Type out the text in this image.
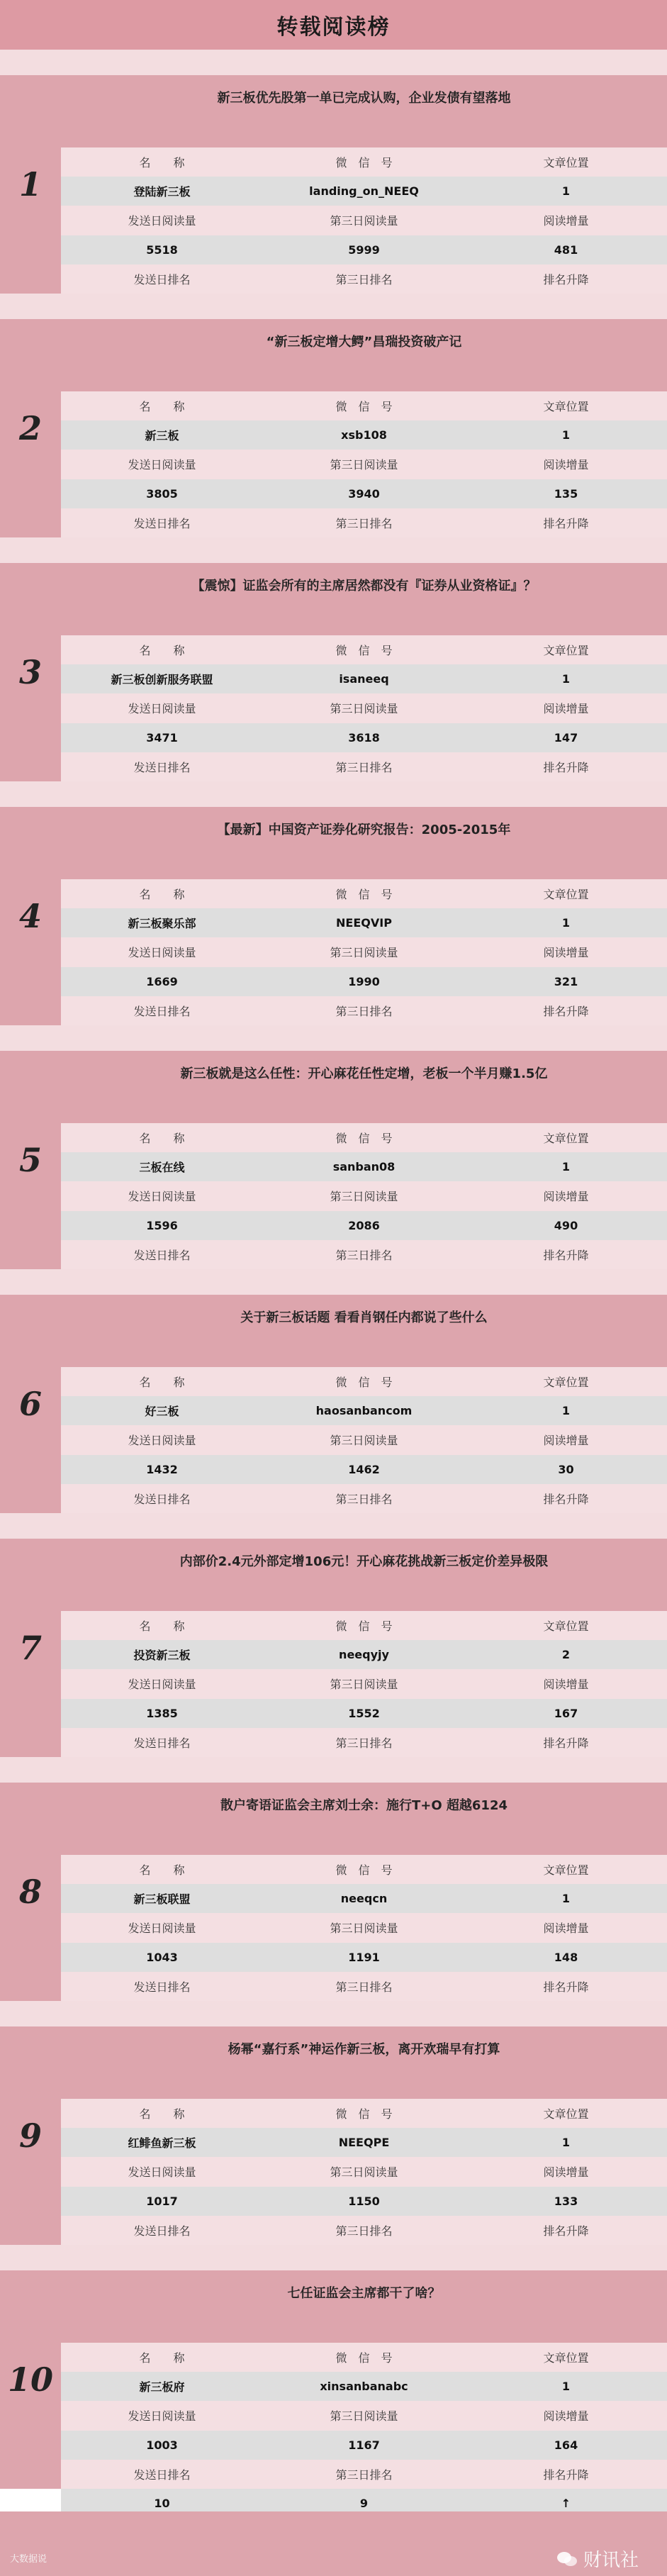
转载阅读榜
1
新三板优先股第一单已完成认购，企业发债有望落地
名　　称	微　信　号	文章位置
登陆新三板	landing_on_NEEQ	1
发送日阅读量	第三日阅读量	阅读增量
5518	5999	481
发送日排名	第三日排名	排名升降
2
“新三板定增大鳄”昌瑞投资破产记
名　　称	微　信　号	文章位置
新三板	xsb108	1
发送日阅读量	第三日阅读量	阅读增量
3805	3940	135
发送日排名	第三日排名	排名升降
3
【震惊】证监会所有的主席居然都没有『证券从业资格证』？
名　　称	微　信　号	文章位置
新三板创新服务联盟	isaneeq	1
发送日阅读量	第三日阅读量	阅读增量
3471	3618	147
发送日排名	第三日排名	排名升降
4
【最新】中国资产证券化研究报告：2005-2015年
名　　称	微　信　号	文章位置
新三板聚乐部	NEEQVIP	1
发送日阅读量	第三日阅读量	阅读增量
1669	1990	321
发送日排名	第三日排名	排名升降
5
新三板就是这么任性：开心麻花任性定增，老板一个半月赚1.5亿
名　　称	微　信　号	文章位置
三板在线	sanban08	1
发送日阅读量	第三日阅读量	阅读增量
1596	2086	490
发送日排名	第三日排名	排名升降
6
关于新三板话题 看看肖钢任内都说了些什么
名　　称	微　信　号	文章位置
好三板	haosanbancom	1
发送日阅读量	第三日阅读量	阅读增量
1432	1462	30
发送日排名	第三日排名	排名升降
7
内部价2.4元外部定增106元！开心麻花挑战新三板定价差异极限
名　　称	微　信　号	文章位置
投资新三板	neeqyjy	2
发送日阅读量	第三日阅读量	阅读增量
1385	1552	167
发送日排名	第三日排名	排名升降
8
散户寄语证监会主席刘士余：施行T+O 超越6124
名　　称	微　信　号	文章位置
新三板联盟	neeqcn	1
发送日阅读量	第三日阅读量	阅读增量
1043	1191	148
发送日排名	第三日排名	排名升降
9
杨幂“嘉行系”神运作新三板，离开欢瑞早有打算
名　　称	微　信　号	文章位置
红鲱鱼新三板	NEEQPE	1
发送日阅读量	第三日阅读量	阅读增量
1017	1150	133
发送日排名	第三日排名	排名升降
10
七任证监会主席都干了啥？
名　　称	微　信　号	文章位置
新三板府	xinsanbanabc	1
发送日阅读量	第三日阅读量	阅读增量
1003	1167	164
发送日排名	第三日排名	排名升降
10	9	↑
大数据说	财讯社
